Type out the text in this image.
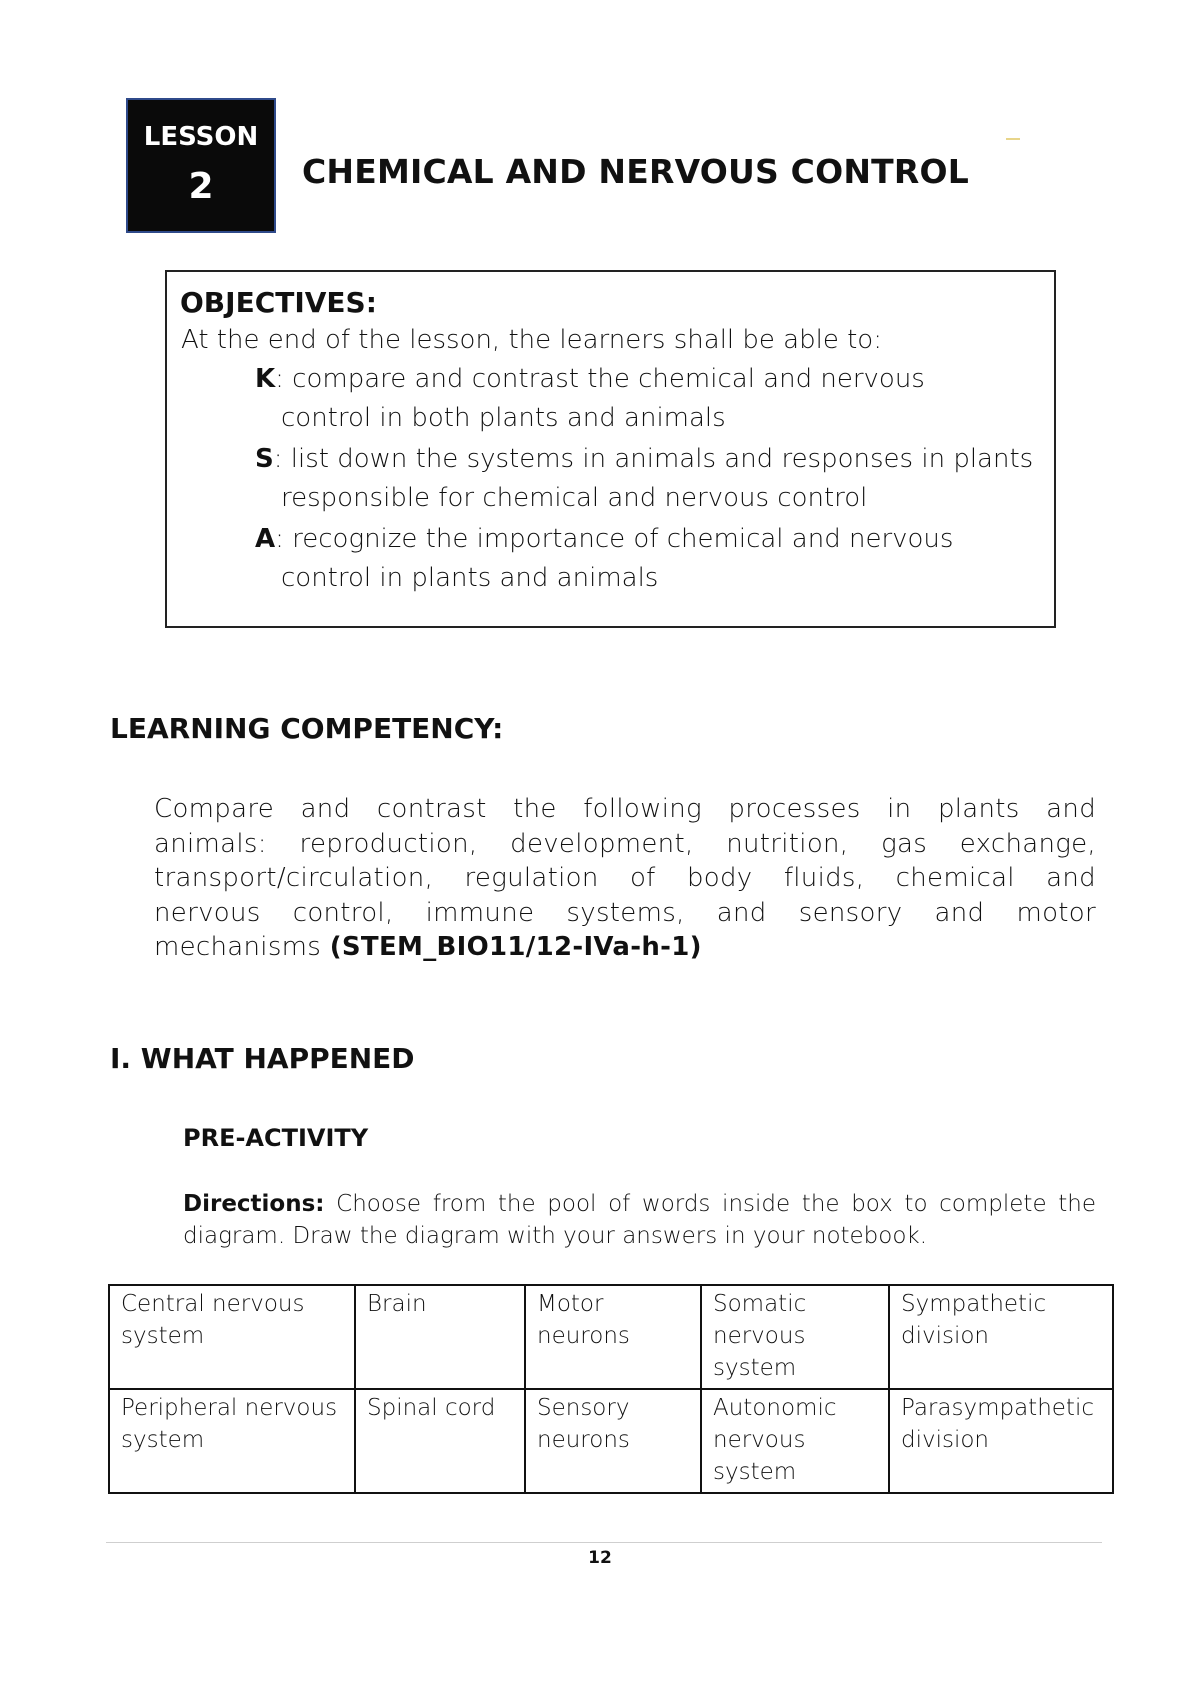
LESSON
2	CHEMICAL AND NERVOUS CONTROL
OBJECTIVES:
At the end of the lesson, the learners shall be able to:
K: compare and contrast the chemical and nervous
control in both plants and animals
S: list down the systems in animals and responses in plants
responsible for chemical and nervous control
A: recognize the importance of chemical and nervous
control in plants and animals
LEARNING COMPETENCY:
Compare and contrast the following processes in plants and
animals: reproduction, development, nutrition, gas exchange,
transport/circulation, regulation of body fluids, chemical and
nervous control, immune systems, and sensory and motor
mechanisms (STEM_BIO11/12-IVa-h-1)
I. WHAT HAPPENED
PRE-ACTIVITY
Directions: Choose from the pool of words inside the box to complete the diagram. Draw the diagram with your answers in your notebook.
Central nervous system	Brain	Motor neurons	Somatic nervous system	Sympathetic division
Peripheral nervous system	Spinal cord	Sensory neurons	Autonomic nervous system	Parasympathetic division
12
